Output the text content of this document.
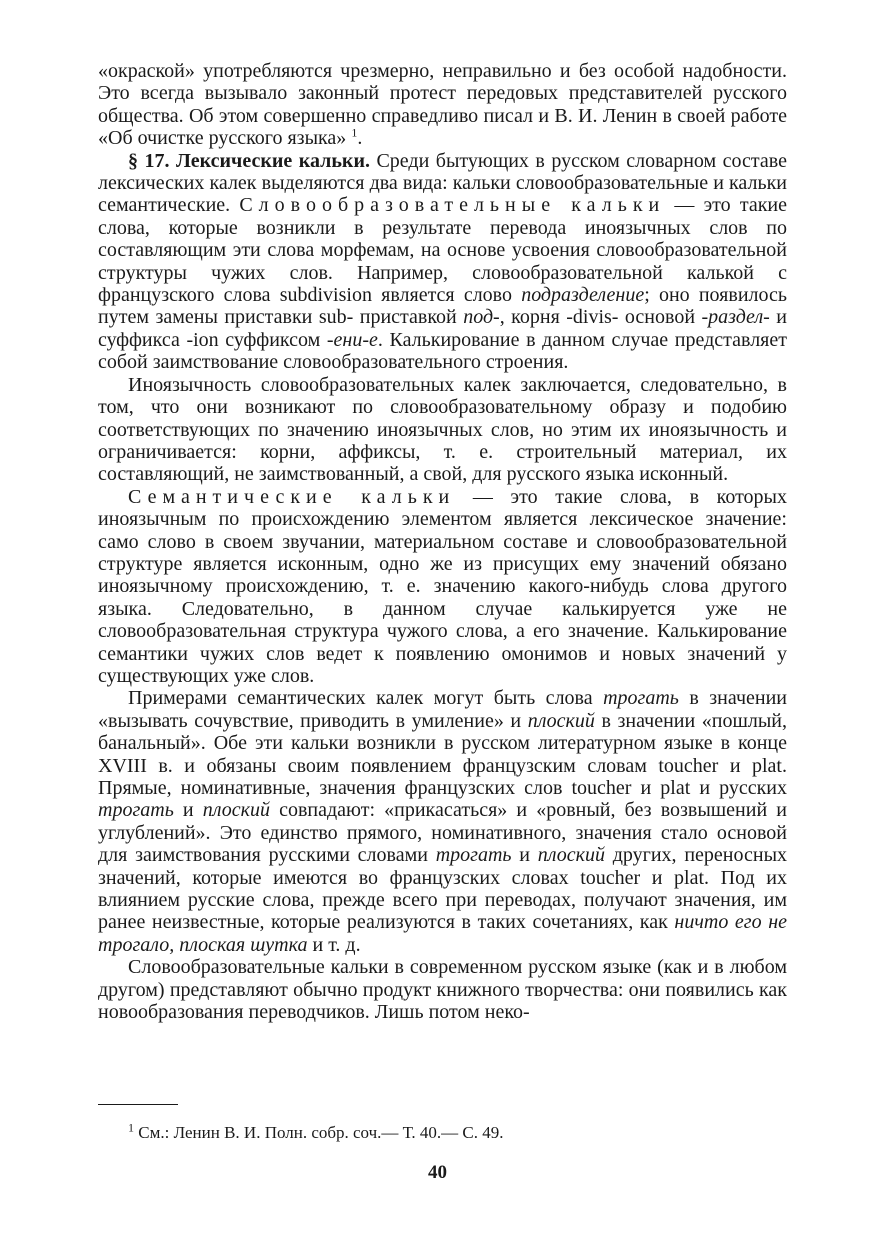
«окраской» употребляются чрезмерно, неправильно и без особой надобности. Это всегда вызывало законный протест передовых представителей русского общества. Об этом совершенно справедливо писал и В. И. Ленин в своей работе «Об очистке русского языка» $^1$.

§ 17. Лексические кальки. Среди бытующих в русском словарном составе лексических калек выделяются два вида: кальки словообразовательные и кальки семантические. Словообразовательные кальки — это такие слова, которые возникли в результате перевода иноязычных слов по составляющим эти слова морфемам, на основе усвоения словообразовательной структуры чужих слов. Например, словообразовательной калькой с французского слова subdivision является слово подразделение; оно появилось путем замены приставки sub- приставкой под-, корня -divis- основой -раздел- и суффикса -ion суффиксом -ени-е. Калькирование в данном случае представляет собой заимствование словообразовательного строения.

Иноязычность словообразовательных калек заключается, следовательно, в том, что они возникают по словообразовательному образу и подобию соответствующих по значению иноязычных слов, но этим их иноязычность и ограничивается: корни, аффиксы, т. е. строительный материал, их составляющий, не заимствованный, а свой, для русского языка исконный.

Семантические кальки — это такие слова, в которых иноязычным по происхождению элементом является лексическое значение: само слово в своем звучании, материальном составе и словообразовательной структуре является исконным, одно же из присущих ему значений обязано иноязычному происхождению, т. е. значению какого-нибудь слова другого языка. Следовательно, в данном случае калькируется уже не словообразовательная структура чужого слова, а его значение. Калькирование семантики чужих слов ведет к появлению омонимов и новых значений у существующих уже слов.

Примерами семантических калек могут быть слова трогать в значении «вызывать сочувствие, приводить в умиление» и плоский в значении «пошлый, банальный». Обе эти кальки возникли в русском литературном языке в конце XVIII в. и обязаны своим появлением французским словам toucher и plat. Прямые, номинативные, значения французских слов toucher и plat и русских трогать и плоский совпадают: «прикасаться» и «ровный, без возвышений и углублений». Это единство прямого, номинативного, значения стало основой для заимствования русскими словами трогать и плоский других, переносных значений, которые имеются во французских словах toucher и plat. Под их влиянием русские слова, прежде всего при переводах, получают значения, им ранее неизвестные, которые реализуются в таких сочетаниях, как ничто его не трогало, плоская шутка и т. д.

Словообразовательные кальки в современном русском языке (как и в любом другом) представляют обычно продукт книжного творчества: они появились как новообразования переводчиков. Лишь потом неко-

$^1$ См.: Ленин В. И. Полн. собр. соч.— Т. 40.— С. 49.
40
